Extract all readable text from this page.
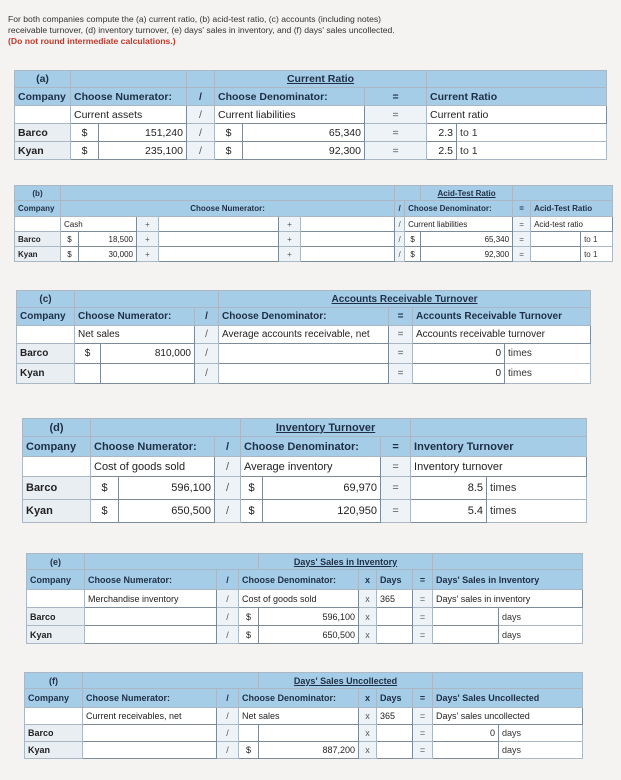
For both companies compute the (a) current ratio, (b) acid-test ratio, (c) accounts (including notes)
receivable turnover, (d) inventory turnover, (e) days' sales in inventory, and (f) days' sales uncollected.
(Do not round intermediate calculations.)
(a)				Current Ratio				
Company	Choose Numerator:		/	Choose Denominator:		=	Current Ratio	
	Current assets		/	Current liabilities		=	Current ratio	
Barco	$	151,240	/	$	65,340	=	2.3	to 1
Kyan	$	235,100	/	$	92,300	=	2.5	to 1
(b)									Acid-Test Ratio			
Company	Choose Numerator:						/	Choose Denominator:		=	Acid-Test Ratio	
	Cash		+		+		/	Current liabilities		=	Acid-test ratio	
Barco	$	18,500	+		+		/	$	65,340	=		to 1
Kyan	$	30,000	+		+		/	$	92,300	=		to 1
(c)				Accounts Receivable Turnover			
Company	Choose Numerator:		/	Choose Denominator:	=	Accounts Receivable Turnover	
	Net sales		/	Average accounts receivable, net	=	Accounts receivable turnover	
Barco	$	810,000	/		=	0	times
Kyan			/		=	0	times
(d)				Inventory Turnover				
Company	Choose Numerator:		/	Choose Denominator:		=	Inventory Turnover	
	Cost of goods sold		/	Average inventory		=	Inventory turnover	
Barco	$	596,100	/	$	69,970	=	8.5	times
Kyan	$	650,500	/	$	120,950	=	5.4	times
(e)				Days' Sales in Inventory					
Company	Choose Numerator:	/	Choose Denominator:		x	Days	=	Days' Sales in Inventory	
	Merchandise inventory	/	Cost of goods sold		x	365	=	Days' sales in inventory	
Barco		/	$	596,100	x		=		days
Kyan		/	$	650,500	x		=		days
(f)				Days' Sales Uncollected					
Company	Choose Numerator:	/	Choose Denominator:		x	Days	=	Days' Sales Uncollected	
	Current receivables, net	/	Net sales		x	365	=	Days' sales uncollected	
Barco		/			x		=	0	days
Kyan		/	$	887,200	x		=		days
